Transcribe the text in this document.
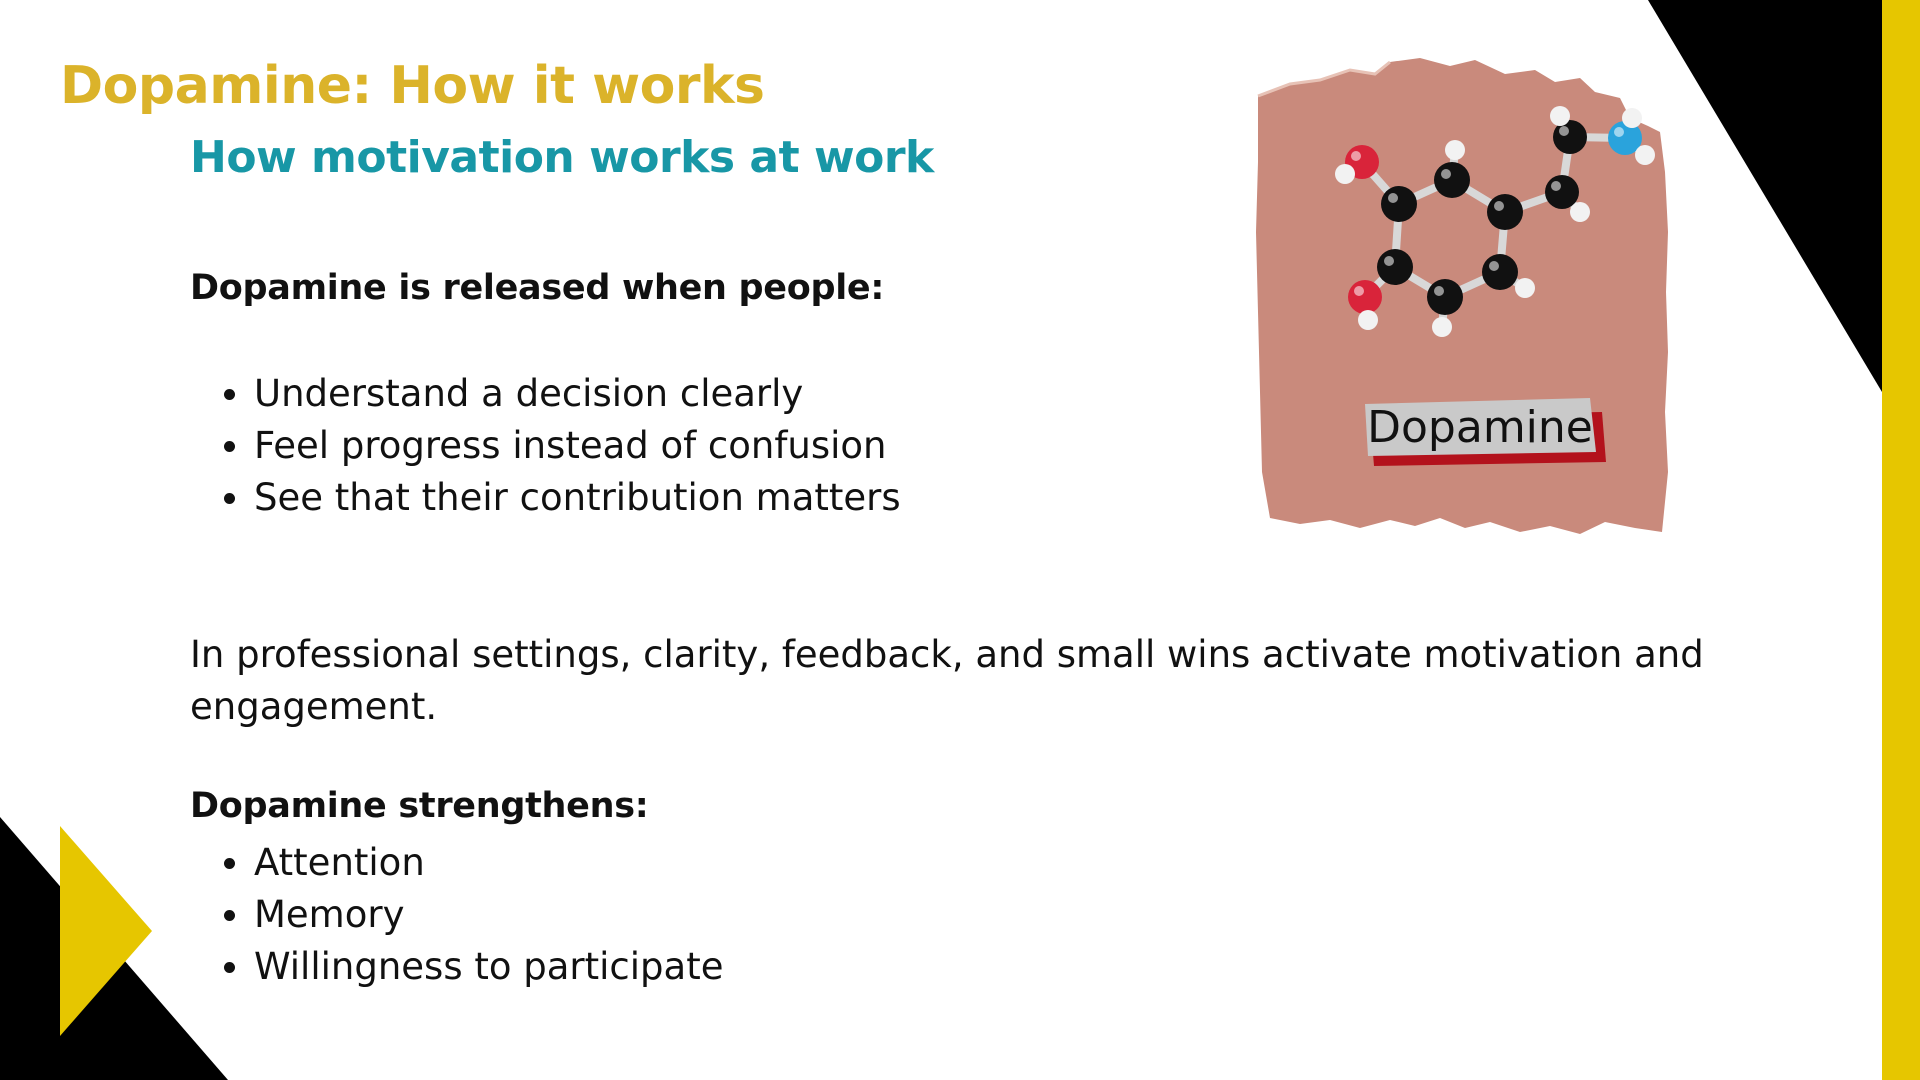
Dopamine: How it works
How motivation works at work
Dopamine is released when people:
Understand a decision clearly
Feel progress instead of confusion
See that their contribution matters
In professional settings, clarity, feedback, and small wins activate motivation and engagement.
Dopamine strengthens:
Attention
Memory
Willingness to participate
Dopamine
